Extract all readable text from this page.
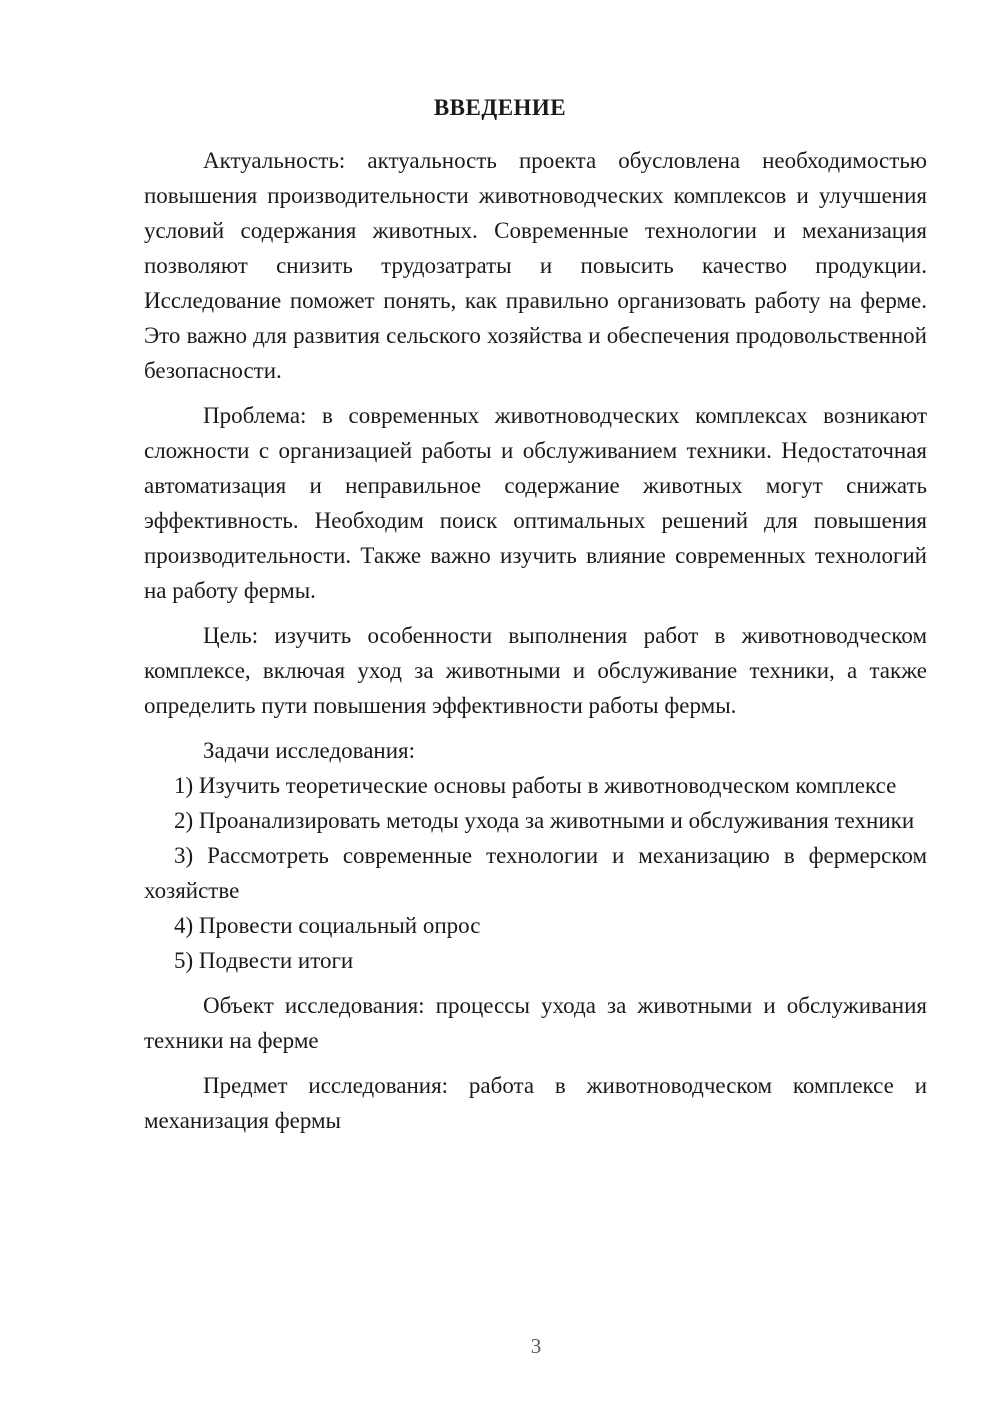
ВВЕДЕНИЕ

Актуальность: актуальность проекта обусловлена необходимостью повышения производительности животноводческих комплексов и улучшения условий содержания животных. Современные технологии и механизация позволяют снизить трудозатраты и повысить качество продукции. Исследование поможет понять, как правильно организовать работу на ферме. Это важно для развития сельского хозяйства и обеспечения продовольственной безопасности.

Проблема: в современных животноводческих комплексах возникают сложности с организацией работы и обслуживанием техники. Недостаточная автоматизация и неправильное содержание животных могут снижать эффективность. Необходим поиск оптимальных решений для повышения производительности. Также важно изучить влияние современных технологий на работу фермы.

Цель: изучить особенности выполнения работ в животноводческом комплексе, включая уход за животными и обслуживание техники, а также определить пути повышения эффективности работы фермы.

Задачи исследования:

1) Изучить теоретические основы работы в животноводческом комплексе

2) Проанализировать методы ухода за животными и обслуживания техники

3) Рассмотреть современные технологии и механизацию в фермерском хозяйстве

4) Провести социальный опрос

5) Подвести итоги

Объект исследования: процессы ухода за животными и обслуживания техники на ферме

Предмет исследования: работа в животноводческом комплексе и механизация фермы

3
